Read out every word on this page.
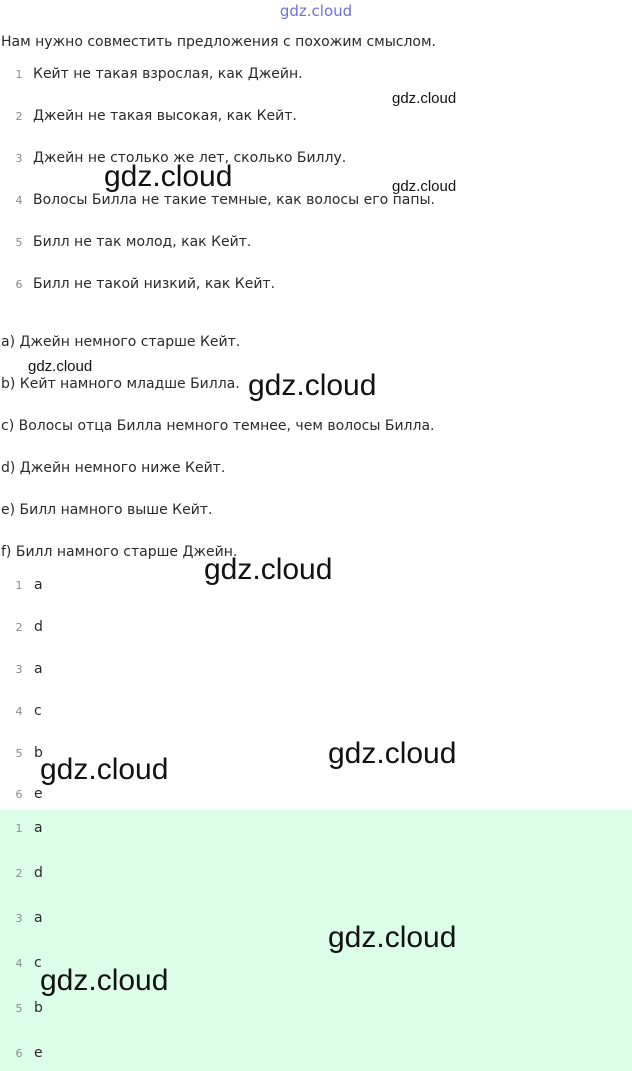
gdz.cloud
Нам нужно совместить предложения с похожим смыслом.
1 Кейт не такая взрослая, как Джейн.
2 Джейн не такая высокая, как Кейт.
3 Джейн не столько же лет, сколько Биллу.
4 Волосы Билла не такие темные, как волосы его папы.
5 Билл не так молод, как Кейт.
6 Билл не такой низкий, как Кейт.
a) Джейн немного старше Кейт.
b) Кейт намного младше Билла.
c) Волосы отца Билла немного темнее, чем волосы Билла.
d) Джейн немного ниже Кейт.
e) Билл намного выше Кейт.
f) Билл намного старше Джейн.
1 a
2 d
3 a
4 c
5 b
6 e
1 a
2 d
3 a
4 c
5 b
6 e
gdz.cloud
gdz.cloud	gdz.cloud
gdz.cloud
gdz.cloud
gdz.cloud
gdz.cloud
gdz.cloud
gdz.cloud
gdz.cloud
